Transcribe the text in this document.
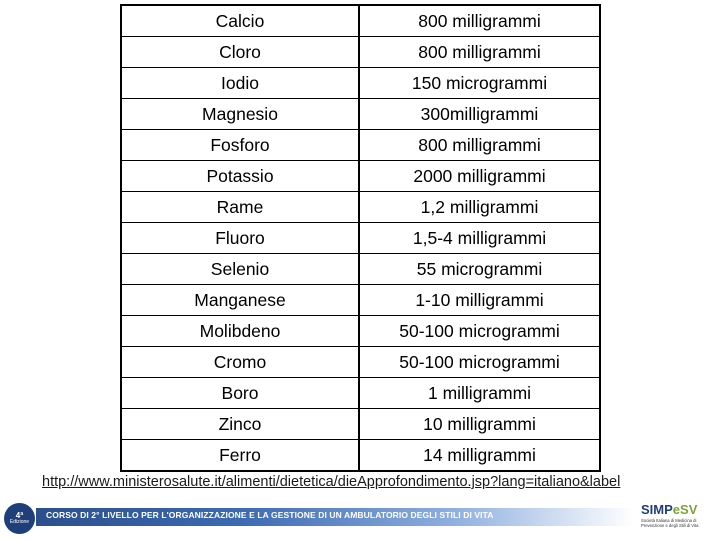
Calcio	800 milligrammi
Cloro	800 milligrammi
Iodio	150 microgrammi
Magnesio	300milligrammi
Fosforo	800 milligrammi
Potassio	2000 milligrammi
Rame	1,2 milligrammi
Fluoro	1,5-4 milligrammi
Selenio	55 microgrammi
Manganese	1-10 milligrammi
Molibdeno	50-100 microgrammi
Cromo	50-100 microgrammi
Boro	1 milligrammi
Zinco	10 milligrammi
Ferro	14 milligrammi
http://www.ministerosalute.it/alimenti/dietetica/dieApprofondimento.jsp?lang=italiano&label
4ª
Edizione
CORSO DI 2° LIVELLO PER L'ORGANIZZAZIONE E LA GESTIONE DI UN AMBULATORIO DEGLI STILI DI VITA	SIMPeSV
Società Italiana di Medicina di Prevenzione e degli Stili di Vita
